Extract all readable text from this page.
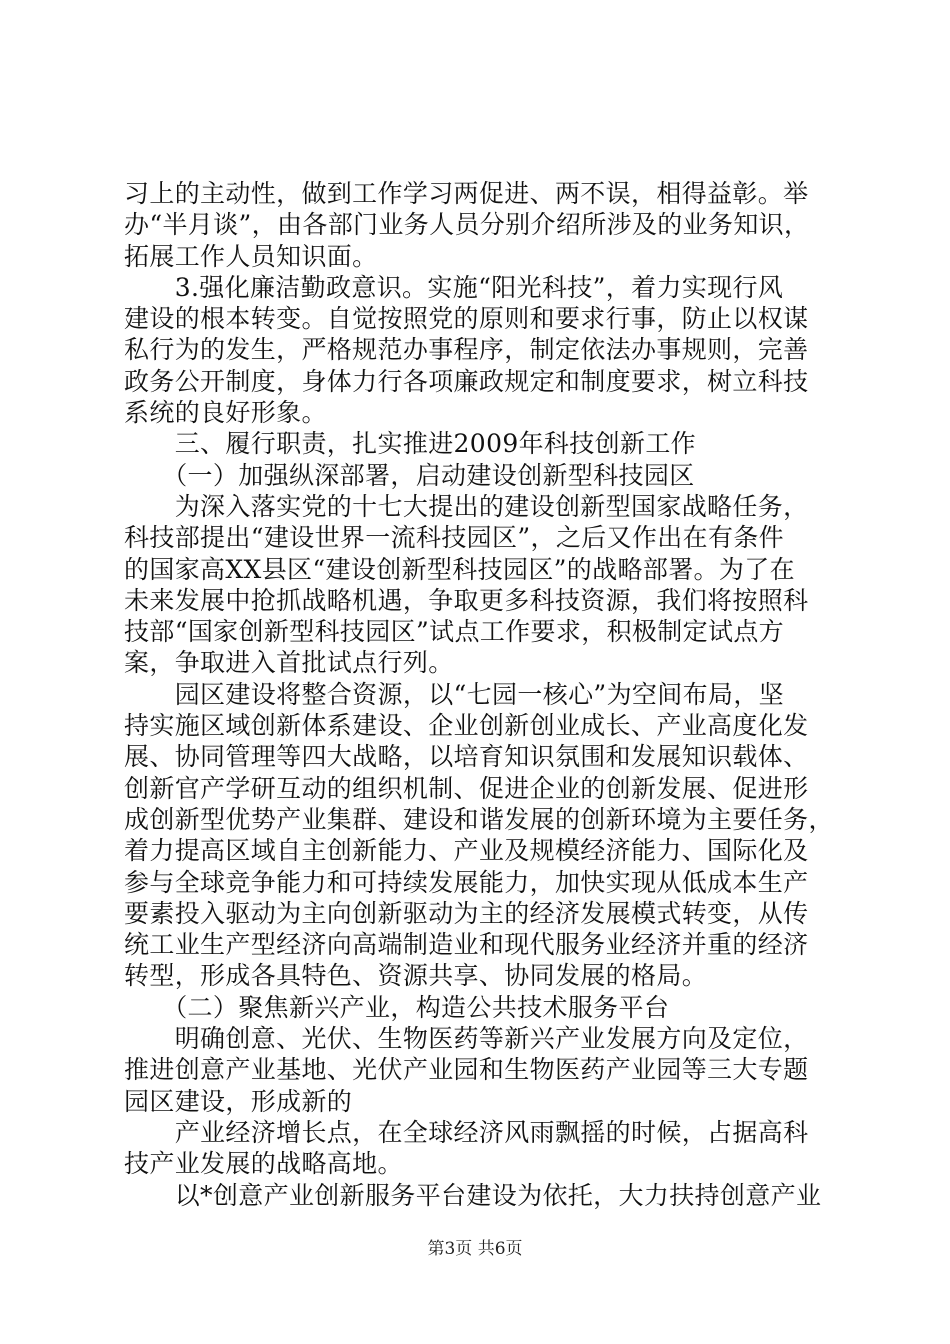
习上的主动性，做到工作学习两促进、两不误，相得益彰。举
办“半月谈”，由各部门业务人员分别介绍所涉及的业务知识，
拓展工作人员知识面。
　　3.强化廉洁勤政意识。实施“阳光科技”，着力实现行风
建设的根本转变。自觉按照党的原则和要求行事，防止以权谋
私行为的发生，严格规范办事程序，制定依法办事规则，完善
政务公开制度，身体力行各项廉政规定和制度要求，树立科技
系统的良好形象。
　　三、履行职责，扎实推进2009年科技创新工作
　　（一）加强纵深部署，启动建设创新型科技园区
　　为深入落实党的十七大提出的建设创新型国家战略任务，
科技部提出“建设世界一流科技园区”，之后又作出在有条件
的国家高XX县区“建设创新型科技园区”的战略部署。为了在
未来发展中抢抓战略机遇，争取更多科技资源，我们将按照科
技部“国家创新型科技园区”试点工作要求，积极制定试点方
案，争取进入首批试点行列。
　　园区建设将整合资源，以“七园一核心”为空间布局，坚
持实施区域创新体系建设、企业创新创业成长、产业高度化发
展、协同管理等四大战略，以培育知识氛围和发展知识载体、
创新官产学研互动的组织机制、促进企业的创新发展、促进形
成创新型优势产业集群、建设和谐发展的创新环境为主要任务，
着力提高区域自主创新能力、产业及规模经济能力、国际化及
参与全球竞争能力和可持续发展能力，加快实现从低成本生产
要素投入驱动为主向创新驱动为主的经济发展模式转变，从传
统工业生产型经济向高端制造业和现代服务业经济并重的经济
转型，形成各具特色、资源共享、协同发展的格局。
　　（二）聚焦新兴产业，构造公共技术服务平台
　　明确创意、光伏、生物医药等新兴产业发展方向及定位，
推进创意产业基地、光伏产业园和生物医药产业园等三大专题
园区建设，形成新的
　　产业经济增长点，在全球经济风雨飘摇的时候，占据高科
技产业发展的战略高地。
　　以*创意产业创新服务平台建设为依托，大力扶持创意产业
第3页 共6页
